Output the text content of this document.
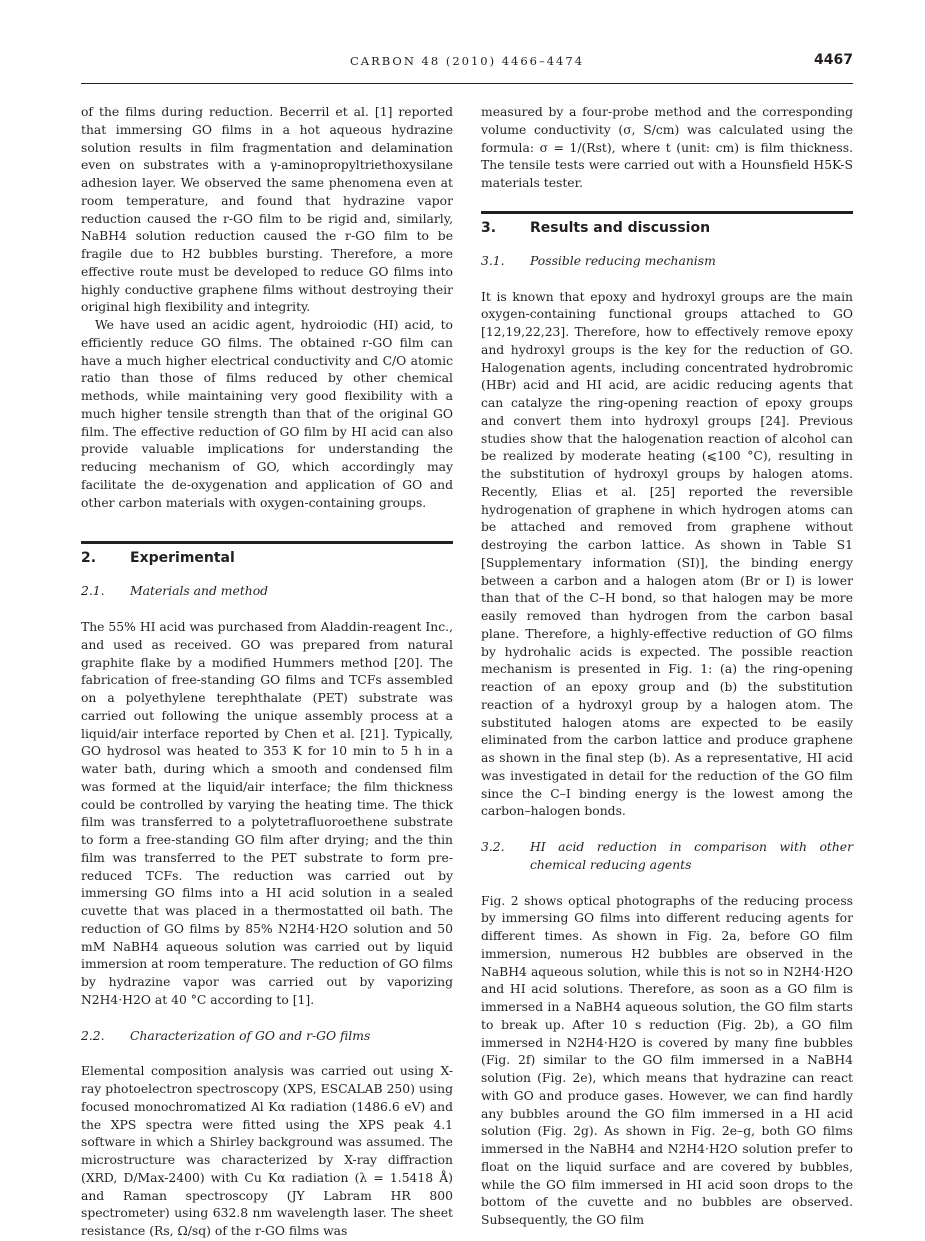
CARBON 48 (2010) 4466–4474	4467

of the films during reduction. Becerril et al. [1] reported that immersing GO films in a hot aqueous hydrazine solution results in film fragmentation and delamination even on substrates with a γ-aminopropyltriethoxysilane adhesion layer. We observed the same phenomena even at room temperature, and found that hydrazine vapor reduction caused the r-GO film to be rigid and, similarly, NaBH4 solution reduction caused the r-GO film to be fragile due to H2 bubbles bursting. Therefore, a more effective route must be developed to reduce GO films into highly conductive graphene films without destroying their original high flexibility and integrity.

We have used an acidic agent, hydroiodic (HI) acid, to efficiently reduce GO films. The obtained r-GO film can have a much higher electrical conductivity and C/O atomic ratio than those of films reduced by other chemical methods, while maintaining very good flexibility with a much higher tensile strength than that of the original GO film. The effective reduction of GO film by HI acid can also provide valuable implications for understanding the reducing mechanism of GO, which accordingly may facilitate the de-oxygenation and application of GO and other carbon materials with oxygen-containing groups.

2.	Experimental
2.1.	Materials and method

The 55% HI acid was purchased from Aladdin-reagent Inc., and used as received. GO was prepared from natural graphite flake by a modified Hummers method [20]. The fabrication of free-standing GO films and TCFs assembled on a polyethylene terephthalate (PET) substrate was carried out following the unique assembly process at a liquid/air interface reported by Chen et al. [21]. Typically, GO hydrosol was heated to 353 K for 10 min to 5 h in a water bath, during which a smooth and condensed film was formed at the liquid/air interface; the film thickness could be controlled by varying the heating time. The thick film was transferred to a polytetrafluoroethene substrate to form a free-standing GO film after drying; and the thin film was transferred to the PET substrate to form pre-reduced TCFs. The reduction was carried out by immersing GO films into a HI acid solution in a sealed cuvette that was placed in a thermostatted oil bath. The reduction of GO films by 85% N2H4·H2O solution and 50 mM NaBH4 aqueous solution was carried out by liquid immersion at room temperature. The reduction of GO films by hydrazine vapor was carried out by vaporizing N2H4·H2O at 40 °C according to [1].

2.2.	Characterization of GO and r-GO films

Elemental composition analysis was carried out using X-ray photoelectron spectroscopy (XPS, ESCALAB 250) using focused monochromatized Al Kα radiation (1486.6 eV) and the XPS spectra were fitted using the XPS peak 4.1 software in which a Shirley background was assumed. The microstructure was characterized by X-ray diffraction (XRD, D/Max-2400) with Cu Kα radiation (λ = 1.5418 Å) and Raman spectroscopy (JY Labram HR 800 spectrometer) using 632.8 nm wavelength laser. The sheet resistance (Rs, Ω/sq) of the r-GO films was

measured by a four-probe method and the corresponding volume conductivity (σ, S/cm) was calculated using the formula: σ = 1/(Rst), where t (unit: cm) is film thickness. The tensile tests were carried out with a Hounsfield H5K-S materials tester.

3.	Results and discussion
3.1.	Possible reducing mechanism

It is known that epoxy and hydroxyl groups are the main oxygen-containing functional groups attached to GO [12,19,22,23]. Therefore, how to effectively remove epoxy and hydroxyl groups is the key for the reduction of GO. Halogenation agents, including concentrated hydrobromic (HBr) acid and HI acid, are acidic reducing agents that can catalyze the ring-opening reaction of epoxy groups and convert them into hydroxyl groups [24]. Previous studies show that the halogenation reaction of alcohol can be realized by moderate heating (⩽100 °C), resulting in the substitution of hydroxyl groups by halogen atoms. Recently, Elias et al. [25] reported the reversible hydrogenation of graphene in which hydrogen atoms can be attached and removed from graphene without destroying the carbon lattice. As shown in Table S1 [Supplementary information (SI)], the binding energy between a carbon and a halogen atom (Br or I) is lower than that of the C–H bond, so that halogen may be more easily removed than hydrogen from the carbon basal plane. Therefore, a highly-effective reduction of GO films by hydrohalic acids is expected. The possible reaction mechanism is presented in Fig. 1: (a) the ring-opening reaction of an epoxy group and (b) the substitution reaction of a hydroxyl group by a halogen atom. The substituted halogen atoms are expected to be easily eliminated from the carbon lattice and produce graphene as shown in the final step (b). As a representative, HI acid was investigated in detail for the reduction of the GO film since the C–I binding energy is the lowest among the carbon–halogen bonds.

3.2.	HI acid reduction in comparison with other chemical reducing agents

Fig. 2 shows optical photographs of the reducing process by immersing GO films into different reducing agents for different times. As shown in Fig. 2a, before GO film immersion, numerous H2 bubbles are observed in the NaBH4 aqueous solution, while this is not so in N2H4·H2O and HI acid solutions. Therefore, as soon as a GO film is immersed in a NaBH4 aqueous solution, the GO film starts to break up. After 10 s reduction (Fig. 2b), a GO film immersed in N2H4·H2O is covered by many fine bubbles (Fig. 2f) similar to the GO film immersed in a NaBH4 solution (Fig. 2e), which means that hydrazine can react with GO and produce gases. However, we can find hardly any bubbles around the GO film immersed in a HI acid solution (Fig. 2g). As shown in Fig. 2e–g, both GO films immersed in the NaBH4 and N2H4·H2O solution prefer to float on the liquid surface and are covered by bubbles, while the GO film immersed in HI acid soon drops to the bottom of the cuvette and no bubbles are observed. Subsequently, the GO film
